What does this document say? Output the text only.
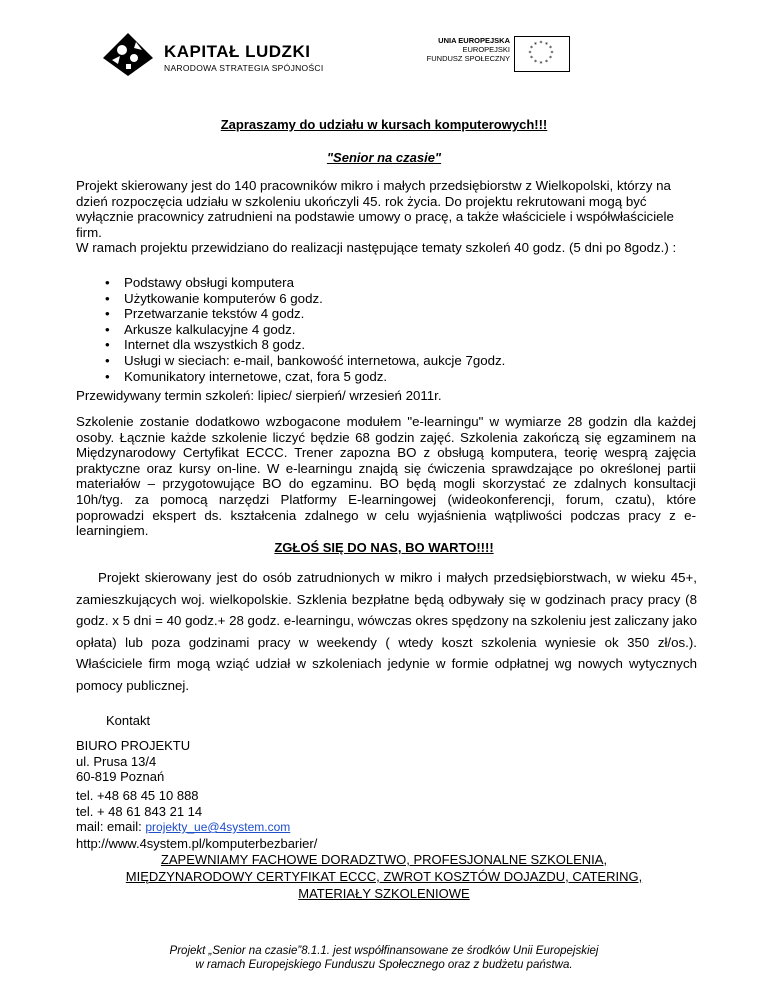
KAPITAŁ LUDZKI
NARODOWA STRATEGIA SPÓJNOŚCI
UNIA EUROPEJSKA
EUROPEJSKI
FUNDUSZ SPOŁECZNY
* * *
*
*
*
*
*
*
*
* *
Zapraszamy do udziału w kursach komputerowych!!!
"Senior na czasie"
Projekt skierowany jest do 140 pracowników mikro i małych przedsiębiorstw z Wielkopolski, którzy na dzień rozpoczęcia udziału w szkoleniu ukończyli 45. rok życia. Do projektu rekrutowani mogą być wyłącznie pracownicy zatrudnieni na podstawie umowy o pracę, a także właściciele i współwłaściciele firm.
W ramach projektu przewidziano do realizacji następujące tematy szkoleń 40 godz. (5 dni po 8godz.) :
• Podstawy obsługi komputera
• Użytkowanie komputerów 6 godz.
• Przetwarzanie tekstów 4 godz.
• Arkusze kalkulacyjne 4 godz.
• Internet dla wszystkich 8 godz.
• Usługi w sieciach: e-mail, bankowość internetowa, aukcje 7godz.
• Komunikatory internetowe, czat, fora 5 godz.
Przewidywany termin szkoleń: lipiec/ sierpień/ wrzesień 2011r.
Szkolenie zostanie dodatkowo wzbogacone modułem "e-learningu" w wymiarze 28 godzin dla każdej osoby. Łącznie każde szkolenie liczyć będzie 68 godzin zajęć. Szkolenia zakończą się egzaminem na Międzynarodowy Certyfikat ECCC. Trener zapozna BO z obsługą komputera, teorię wesprą zajęcia praktyczne oraz kursy on-line. W e-learningu znajdą się ćwiczenia sprawdzające po określonej partii materiałów – przygotowujące BO do egzaminu. BO będą mogli skorzystać ze zdalnych konsultacji 10h/tyg. za pomocą narzędzi Platformy E-learningowej (wideokonferencji, forum, czatu), które poprowadzi ekspert ds. kształcenia zdalnego w celu wyjaśnienia wątpliwości podczas pracy z e-learningiem.
ZGŁOŚ SIĘ DO NAS, BO WARTO!!!!
Projekt skierowany jest do osób zatrudnionych w mikro i małych przedsiębiorstwach, w wieku 45+, zamieszkujących woj. wielkopolskie. Szklenia bezpłatne będą odbywały się w godzinach pracy pracy (8 godz. x 5 dni = 40 godz.+ 28 godz. e-learningu, wówczas okres spędzony na szkoleniu jest zaliczany jako opłata) lub poza godzinami pracy w weekendy ( wtedy koszt szkolenia wyniesie ok 350 zł/os.). Właściciele firm mogą wziąć udział w szkoleniach jedynie w formie odpłatnej wg nowych wytycznych pomocy publicznej.
Kontakt
BIURO PROJEKTU
ul. Prusa 13/4
60-819 Poznań
tel. +48 68 45 10 888
tel. + 48 61 843 21 14
mail: email: projekty_ue@4system.com
http://www.4system.pl/komputerbezbarier/
ZAPEWNIAMY FACHOWE DORADZTWO, PROFESJONALNE SZKOLENIA,
MIĘDZYNARODOWY CERTYFIKAT ECCC, ZWROT KOSZTÓW DOJAZDU, CATERING,
MATERIAŁY SZKOLENIOWE
Projekt „Senior na czasie”8.1.1. jest współfinansowane ze środków Unii Europejskiej
w ramach Europejskiego Funduszu Społecznego oraz z budżetu państwa.
